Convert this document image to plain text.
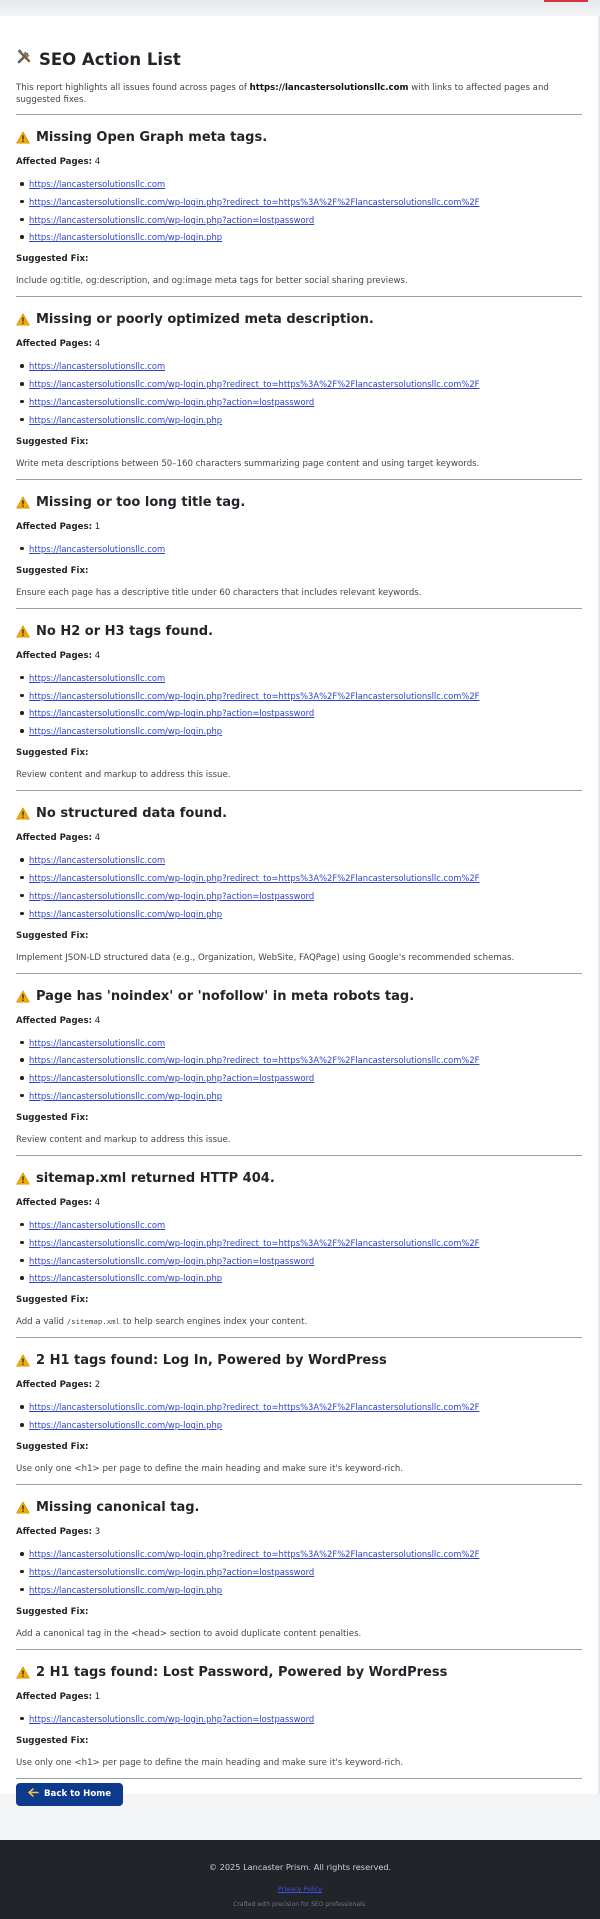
SEO Action List

This report highlights all issues found across pages of https://lancastersolutionsllc.com with links to affected pages and suggested fixes.

Missing Open Graph meta tags.

Affected Pages: 4

https://lancastersolutionsllc.com
https://lancastersolutionsllc.com/wp-login.php?redirect_to=https%3A%2F%2Flancastersolutionsllc.com%2F
https://lancastersolutionsllc.com/wp-login.php?action=lostpassword
https://lancastersolutionsllc.com/wp-login.php

Suggested Fix:

Include og:title, og:description, and og:image meta tags for better social sharing previews.

Missing or poorly optimized meta description.

Affected Pages: 4

https://lancastersolutionsllc.com
https://lancastersolutionsllc.com/wp-login.php?redirect_to=https%3A%2F%2Flancastersolutionsllc.com%2F
https://lancastersolutionsllc.com/wp-login.php?action=lostpassword
https://lancastersolutionsllc.com/wp-login.php

Suggested Fix:

Write meta descriptions between 50–160 characters summarizing page content and using target keywords.

Missing or too long title tag.

Affected Pages: 1

https://lancastersolutionsllc.com

Suggested Fix:

Ensure each page has a descriptive title under 60 characters that includes relevant keywords.

No H2 or H3 tags found.

Affected Pages: 4

https://lancastersolutionsllc.com
https://lancastersolutionsllc.com/wp-login.php?redirect_to=https%3A%2F%2Flancastersolutionsllc.com%2F
https://lancastersolutionsllc.com/wp-login.php?action=lostpassword
https://lancastersolutionsllc.com/wp-login.php

Suggested Fix:

Review content and markup to address this issue.

No structured data found.

Affected Pages: 4

https://lancastersolutionsllc.com
https://lancastersolutionsllc.com/wp-login.php?redirect_to=https%3A%2F%2Flancastersolutionsllc.com%2F
https://lancastersolutionsllc.com/wp-login.php?action=lostpassword
https://lancastersolutionsllc.com/wp-login.php

Suggested Fix:

Implement JSON-LD structured data (e.g., Organization, WebSite, FAQPage) using Google's recommended schemas.

Page has 'noindex' or 'nofollow' in meta robots tag.

Affected Pages: 4

https://lancastersolutionsllc.com
https://lancastersolutionsllc.com/wp-login.php?redirect_to=https%3A%2F%2Flancastersolutionsllc.com%2F
https://lancastersolutionsllc.com/wp-login.php?action=lostpassword
https://lancastersolutionsllc.com/wp-login.php

Suggested Fix:

Review content and markup to address this issue.

sitemap.xml returned HTTP 404.

Affected Pages: 4

https://lancastersolutionsllc.com
https://lancastersolutionsllc.com/wp-login.php?redirect_to=https%3A%2F%2Flancastersolutionsllc.com%2F
https://lancastersolutionsllc.com/wp-login.php?action=lostpassword
https://lancastersolutionsllc.com/wp-login.php

Suggested Fix:

Add a valid /sitemap.xml to help search engines index your content.

2 H1 tags found: Log In, Powered by WordPress

Affected Pages: 2

https://lancastersolutionsllc.com/wp-login.php?redirect_to=https%3A%2F%2Flancastersolutionsllc.com%2F
https://lancastersolutionsllc.com/wp-login.php

Suggested Fix:

Use only one <h1> per page to define the main heading and make sure it's keyword-rich.

Missing canonical tag.

Affected Pages: 3

https://lancastersolutionsllc.com/wp-login.php?redirect_to=https%3A%2F%2Flancastersolutionsllc.com%2F
https://lancastersolutionsllc.com/wp-login.php?action=lostpassword
https://lancastersolutionsllc.com/wp-login.php

Suggested Fix:

Add a canonical tag in the <head> section to avoid duplicate content penalties.

2 H1 tags found: Lost Password, Powered by WordPress

Affected Pages: 1

https://lancastersolutionsllc.com/wp-login.php?action=lostpassword

Suggested Fix:

Use only one <h1> per page to define the main heading and make sure it's keyword-rich.

Back to Home

© 2025 Lancaster Prism. All rights reserved.

Privacy Policy

Crafted with precision for SEO professionals.
